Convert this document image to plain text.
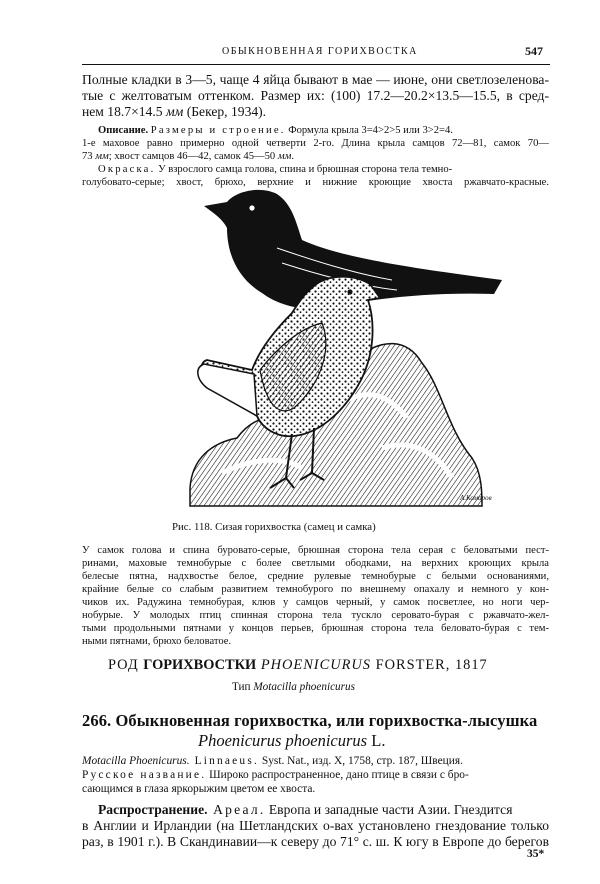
ОБЫКНОВЕННАЯ ГОРИХВОСТКА	547
Полные кладки в 3—5, чаще 4 яйца бывают в мае — июне, они светлозеленова-
тые с желтоватым оттенком. Размер их: (100) 17.2—20.2×13.5—15.5, в сред-
нем 18.7×14.5 мм (Бекер, 1934).
Описание. Размеры и строение. Формула крыла 3=4>2>5 или 3>2=4.
1-е маховое равно примерно одной четверти 2-го. Длина крыла самцов 72—81, самок 70—
73 мм; хвост самцов 46—42, самок 45—50 мм.
Окраска. У взрослого самца голова, спина и брюшная сторона тела темно-
голубовато-серые; хвост, брюхо, верхние и нижние кроющие хвоста ржавчато-красные.
A.Комаров
Рис. 118. Сизая горихвостка (самец и самка)
У самок голова и спина буровато-серые, брюшная сторона тела серая с беловатыми пест-
ринами, маховые темнобурые с более светлыми ободками, на верхних кроющих крыла
белесые пятна, надхвостье белое, средние рулевые темнобурые с белыми основаниями,
крайние белые со слабым развитием темнобурого по внешнему опахалу и немного у кон-
чиков их. Радужина темнобурая, клюв у самцов черный, у самок посветлее, но ноги чер-
нобурые. У молодых птиц спинная сторона тела тускло серовато-бурая с ржавчато-жел-
тыми продольными пятнами у концов перьев, брюшная сторона тела беловато-бурая с тем-
ными пятнами, брюхо беловатое.
РОД ГОРИХВОСТКИ PHOENICURUS FORSTER, 1817
Тип Motacilla phoenicurus
266. Обыкновенная горихвостка, или горихвостка-лысушка
Phoenicurus phoenicurus L.
Motacilla Phoenicurus. Linnaeus. Syst. Nat., изд. X, 1758, стр. 187, Швеция.
Русское название. Широко распространенное, дано птице в связи с бро-
сающимся в глаза яркорыжим цветом ее хвоста.
Распространение. Ареал. Европа и западные части Азии. Гнездится
в Англии и Ирландии (на Шетландских о-вах установлено гнездование только
раз, в 1901 г.). В Скандинавии—к северу до 71° с. ш. К югу в Европе до берегов
35*
